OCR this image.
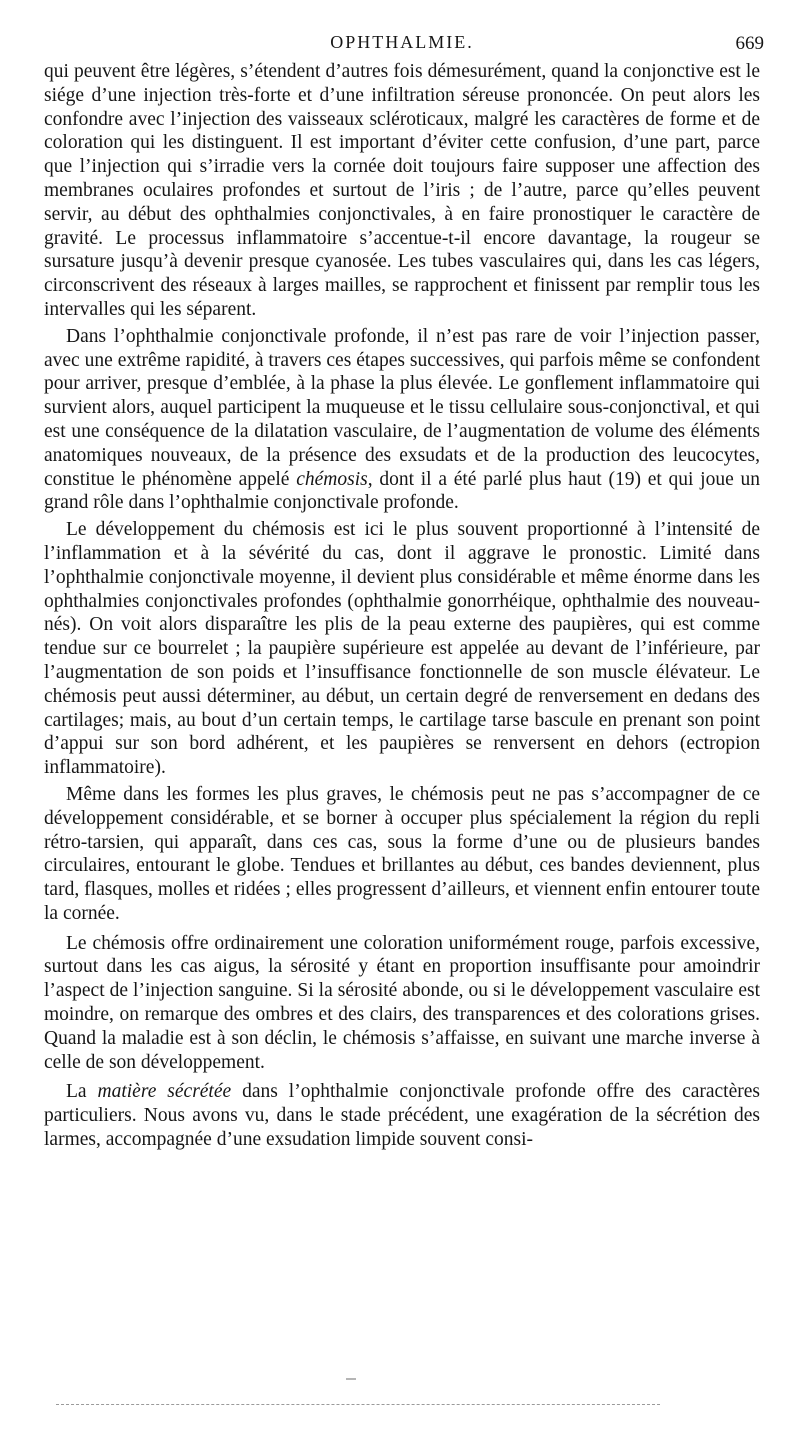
OPHTHALMIE.	669

qui peuvent être légères, s’étendent d’autres fois démesurément, quand la conjonctive est le siége d’une injection très-forte et d’une infiltration séreuse prononcée. On peut alors les confondre avec l’injection des vaisseaux scléroticaux, malgré les caractères de forme et de coloration qui les distinguent. Il est important d’éviter cette confusion, d’une part, parce que l’injection qui s’irradie vers la cornée doit toujours faire supposer une affection des membranes oculaires profondes et surtout de l’iris ; de l’autre, parce qu’elles peuvent servir, au début des ophthalmies conjonctivales, à en faire pronostiquer le caractère de gravité. Le processus inflammatoire s’accentue-t-il encore davantage, la rougeur se sursature jusqu’à devenir presque cyanosée. Les tubes vasculaires qui, dans les cas légers, circonscrivent des réseaux à larges mailles, se rapprochent et finissent par remplir tous les intervalles qui les séparent.

Dans l’ophthalmie conjonctivale profonde, il n’est pas rare de voir l’injection passer, avec une extrême rapidité, à travers ces étapes successives, qui parfois même se confondent pour arriver, presque d’emblée, à la phase la plus élevée. Le gonflement inflammatoire qui survient alors, auquel participent la muqueuse et le tissu cellulaire sous-conjonctival, et qui est une conséquence de la dilatation vasculaire, de l’augmentation de volume des éléments anatomiques nouveaux, de la présence des exsudats et de la production des leucocytes, constitue le phénomène appelé chémosis, dont il a été parlé plus haut (19) et qui joue un grand rôle dans l’ophthalmie conjonctivale profonde.

Le développement du chémosis est ici le plus souvent proportionné à l’intensité de l’inflammation et à la sévérité du cas, dont il aggrave le pronostic. Limité dans l’ophthalmie conjonctivale moyenne, il devient plus considérable et même énorme dans les ophthalmies conjonctivales profondes (ophthalmie gonorrhéique, ophthalmie des nouveau-nés). On voit alors disparaître les plis de la peau externe des paupières, qui est comme tendue sur ce bourrelet ; la paupière supérieure est appelée au devant de l’inférieure, par l’augmentation de son poids et l’insuffisance fonctionnelle de son muscle élévateur. Le chémosis peut aussi déterminer, au début, un certain degré de renversement en dedans des cartilages; mais, au bout d’un certain temps, le cartilage tarse bascule en prenant son point d’appui sur son bord adhérent, et les paupières se renversent en dehors (ectropion inflammatoire).

Même dans les formes les plus graves, le chémosis peut ne pas s’accompagner de ce développement considérable, et se borner à occuper plus spécialement la région du repli rétro-tarsien, qui apparaît, dans ces cas, sous la forme d’une ou de plusieurs bandes circulaires, entourant le globe. Tendues et brillantes au début, ces bandes deviennent, plus tard, flasques, molles et ridées ; elles progressent d’ailleurs, et viennent enfin entourer toute la cornée.

Le chémosis offre ordinairement une coloration uniformément rouge, parfois excessive, surtout dans les cas aigus, la sérosité y étant en proportion insuffisante pour amoindrir l’aspect de l’injection sanguine. Si la sérosité abonde, ou si le développement vasculaire est moindre, on remarque des ombres et des clairs, des transparences et des colorations grises. Quand la maladie est à son déclin, le chémosis s’affaisse, en suivant une marche inverse à celle de son développement.

La matière sécrétée dans l’ophthalmie conjonctivale profonde offre des caractères particuliers. Nous avons vu, dans le stade précédent, une exagération de la sécrétion des larmes, accompagnée d’une exsudation limpide souvent consi-
